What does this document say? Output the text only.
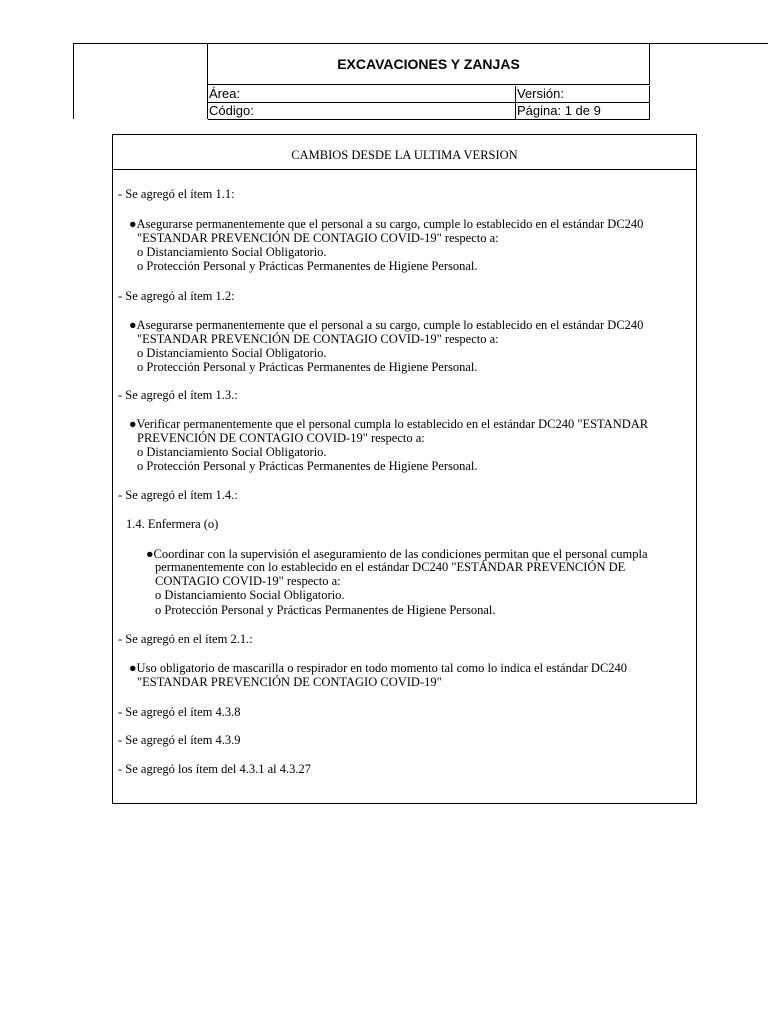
EXCAVACIONES Y ZANJAS
Área:	Versión:
Código:	Página: 1 de 9
CAMBIOS DESDE LA ULTIMA VERSION
- Se agregó el ítem 1.1:
●Asegurarse permanentemente que el personal a su cargo, cumple lo establecido en el estándar DC240
"ESTANDAR PREVENCIÓN DE CONTAGIO COVID-19" respecto a:
o Distanciamiento Social Obligatorio.
o Protección Personal y Prácticas Permanentes de Higiene Personal.
- Se agregó al ítem 1.2:
●Asegurarse permanentemente que el personal a su cargo, cumple lo establecido en el estándar DC240
"ESTANDAR PREVENCIÓN DE CONTAGIO COVID-19" respecto a:
o Distanciamiento Social Obligatorio.
o Protección Personal y Prácticas Permanentes de Higiene Personal.
- Se agregó el ítem 1.3.:
●Verificar permanentemente que el personal cumpla lo establecido en el estándar DC240 "ESTANDAR
PREVENCIÓN DE CONTAGIO COVID-19" respecto a:
o Distanciamiento Social Obligatorio.
o Protección Personal y Prácticas Permanentes de Higiene Personal.
- Se agregó el ítem 1.4.:
1.4. Enfermera (o)
●Coordinar con la supervisión el aseguramiento de las condiciones permitan que el personal cumpla
permanentemente con lo establecido en el estándar DC240 "ESTÁNDAR PREVENCIÓN DE
CONTAGIO COVID-19" respecto a:
o Distanciamiento Social Obligatorio.
o Protección Personal y Prácticas Permanentes de Higiene Personal.
- Se agregó en el ítem 2.1.:
●Uso obligatorio de mascarilla o respirador en todo momento tal como lo indica el estándar DC240
"ESTANDAR PREVENCIÓN DE CONTAGIO COVID-19"
- Se agregó el ítem 4.3.8
- Se agregó el ítem 4.3.9
- Se agregó los ítem del 4.3.1 al 4.3.27
